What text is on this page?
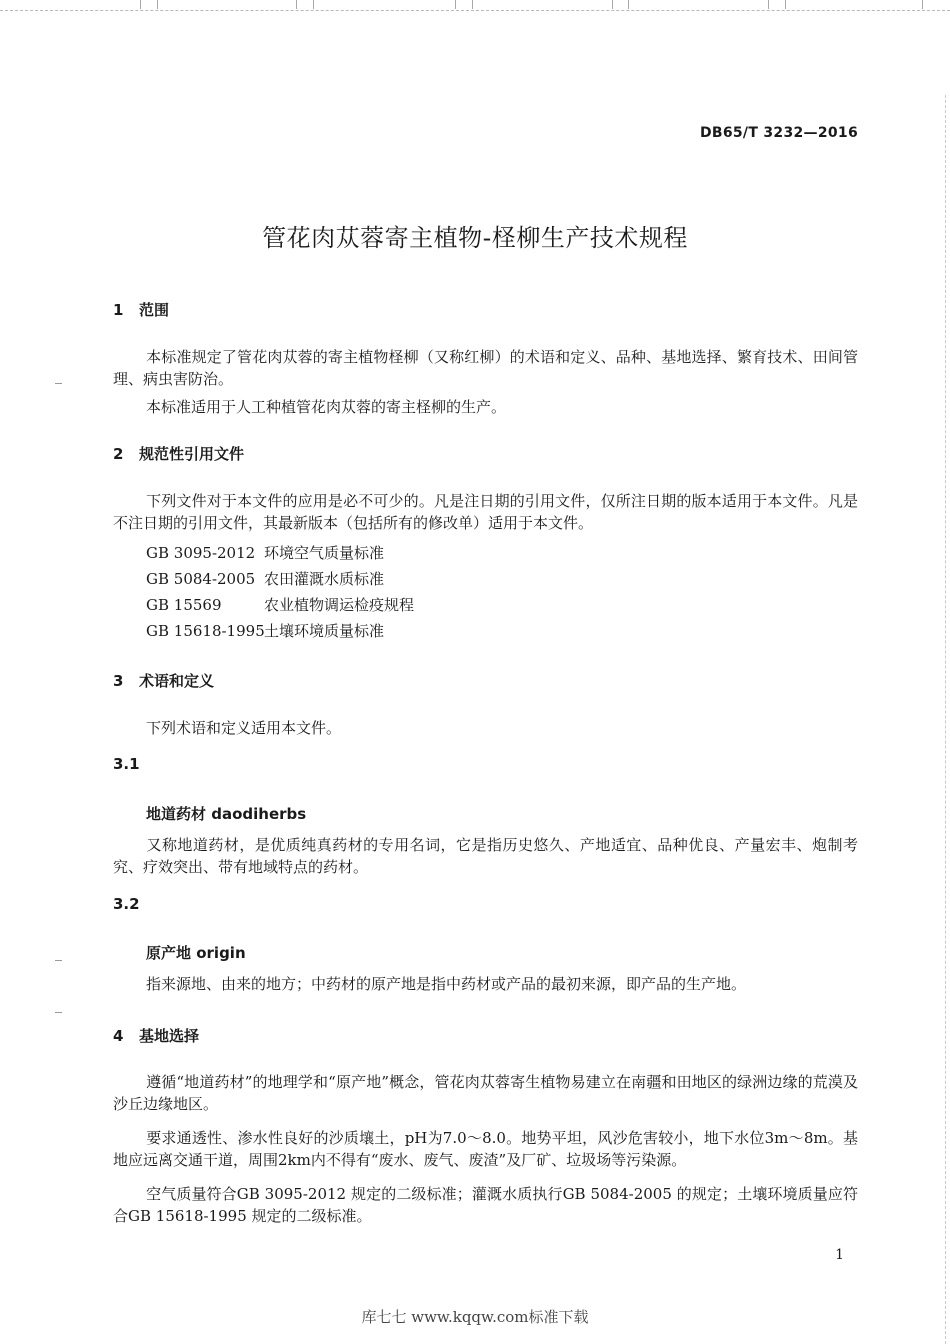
DB65/T 3232—2016
管花肉苁蓉寄主植物-柽柳生产技术规程
1 范围
本标准规定了管花肉苁蓉的寄主植物柽柳（又称红柳）的术语和定义、品种、基地选择、繁育技术、田间管理、病虫害防治。
本标准适用于人工种植管花肉苁蓉的寄主柽柳的生产。
2 规范性引用文件
下列文件对于本文件的应用是必不可少的。凡是注日期的引用文件，仅所注日期的版本适用于本文件。凡是不注日期的引用文件，其最新版本（包括所有的修改单）适用于本文件。
GB 3095-2012 环境空气质量标准
GB 5084-2005 农田灌溉水质标准
GB 15569	农业植物调运检疫规程
GB 15618-1995土壤环境质量标准
3 术语和定义
下列术语和定义适用本文件。
3.1
地道药材 daodiherbs
又称地道药材，是优质纯真药材的专用名词，它是指历史悠久、产地适宜、品种优良、产量宏丰、炮制考究、疗效突出、带有地域特点的药材。
3.2
原产地 origin
指来源地、由来的地方；中药材的原产地是指中药材或产品的最初来源，即产品的生产地。
4 基地选择
遵循“地道药材”的地理学和“原产地”概念，管花肉苁蓉寄生植物易建立在南疆和田地区的绿洲边缘的荒漠及沙丘边缘地区。
要求通透性、渗水性良好的沙质壤土，pH为7.0～8.0。地势平坦，风沙危害较小，地下水位3m～8m。基地应远离交通干道，周围2km内不得有“废水、废气、废渣”及厂矿、垃圾场等污染源。
空气质量符合GB 3095-2012 规定的二级标准；灌溉水质执行GB 5084-2005 的规定；土壤环境质量应符合GB 15618-1995 规定的二级标准。
1
库七七 www.kqqw.com标准下载
